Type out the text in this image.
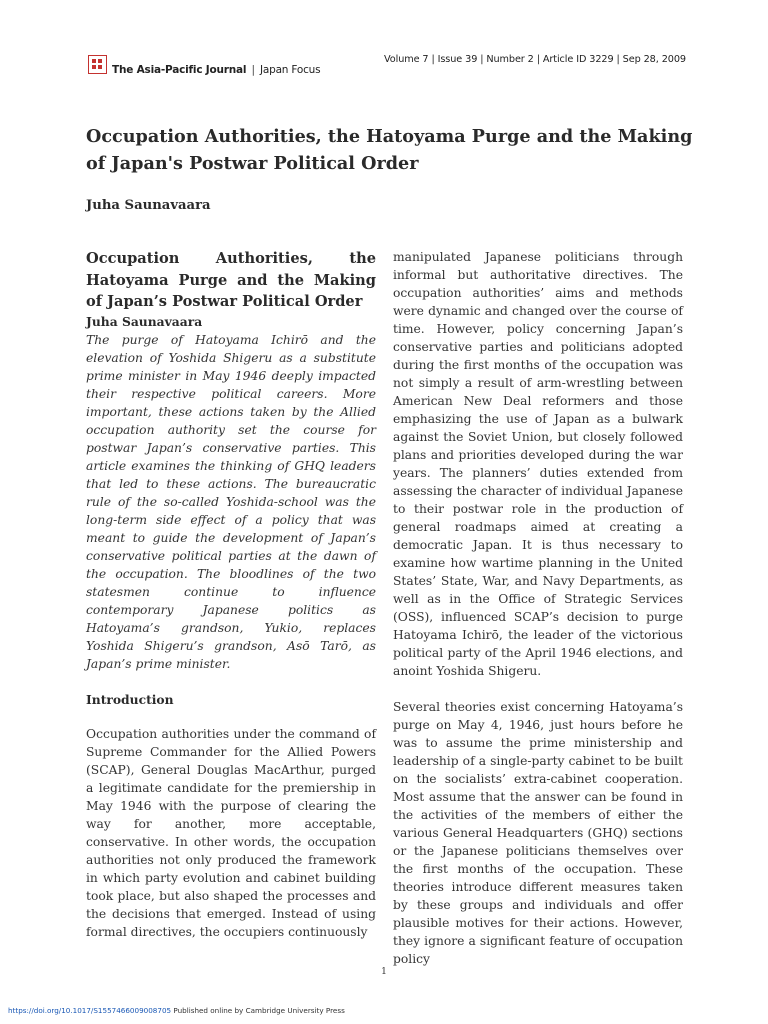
The Asia-Pacific Journal | Japan Focus
Volume 7 | Issue 39 | Number 2 | Article ID 3229 | Sep 28, 2009
Occupation Authorities, the Hatoyama Purge and the Making of Japan's Postwar Political Order
Juha Saunavaara

Occupation Authorities, the Hatoyama Purge and the Making of Japan’s Postwar Political Order

Juha Saunavaara

The purge of Hatoyama Ichirō and the elevation of Yoshida Shigeru as a substitute prime minister in May 1946 deeply impacted their respective political careers. More important, these actions taken by the Allied occupation authority set the course for postwar Japan’s conservative parties. This article examines the thinking of GHQ leaders that led to these actions. The bureaucratic rule of the so-called Yoshida-school was the long-term side effect of a policy that was meant to guide the development of Japan’s conservative political parties at the dawn of the occupation. The bloodlines of the two statesmen continue to influence contemporary Japanese politics as Hatoyama’s grandson, Yukio, replaces Yoshida Shigeru’s grandson, Asō Tarō, as Japan’s prime minister.

Introduction

Occupation authorities under the command of Supreme Commander for the Allied Powers (SCAP), General Douglas MacArthur, purged a legitimate candidate for the premiership in May 1946 with the purpose of clearing the way for another, more acceptable, conservative. In other words, the occupation authorities not only produced the framework in which party evolution and cabinet building took place, but also shaped the processes and the decisions that emerged. Instead of using formal directives, the occupiers continuously

manipulated Japanese politicians through informal but authoritative directives. The occupation authorities’ aims and methods were dynamic and changed over the course of time. However, policy concerning Japan’s conservative parties and politicians adopted during the first months of the occupation was not simply a result of arm-wrestling between American New Deal reformers and those emphasizing the use of Japan as a bulwark against the Soviet Union, but closely followed plans and priorities developed during the war years. The planners’ duties extended from assessing the character of individual Japanese to their postwar role in the production of general roadmaps aimed at creating a democratic Japan. It is thus necessary to examine how wartime planning in the United States’ State, War, and Navy Departments, as well as in the Office of Strategic Services (OSS), influenced SCAP’s decision to purge Hatoyama Ichirō, the leader of the victorious political party of the April 1946 elections, and anoint Yoshida Shigeru.

Several theories exist concerning Hatoyama’s purge on May 4, 1946, just hours before he was to assume the prime ministership and leadership of a single-party cabinet to be built on the socialists’ extra-cabinet cooperation. Most assume that the answer can be found in the activities of the members of either the various General Headquarters (GHQ) sections or the Japanese politicians themselves over the first months of the occupation. These theories introduce different measures taken by these groups and individuals and offer plausible motives for their actions. However, they ignore a significant feature of occupation policy

1
https://doi.org/10.1017/S1557466009008705 Published online by Cambridge University Press
